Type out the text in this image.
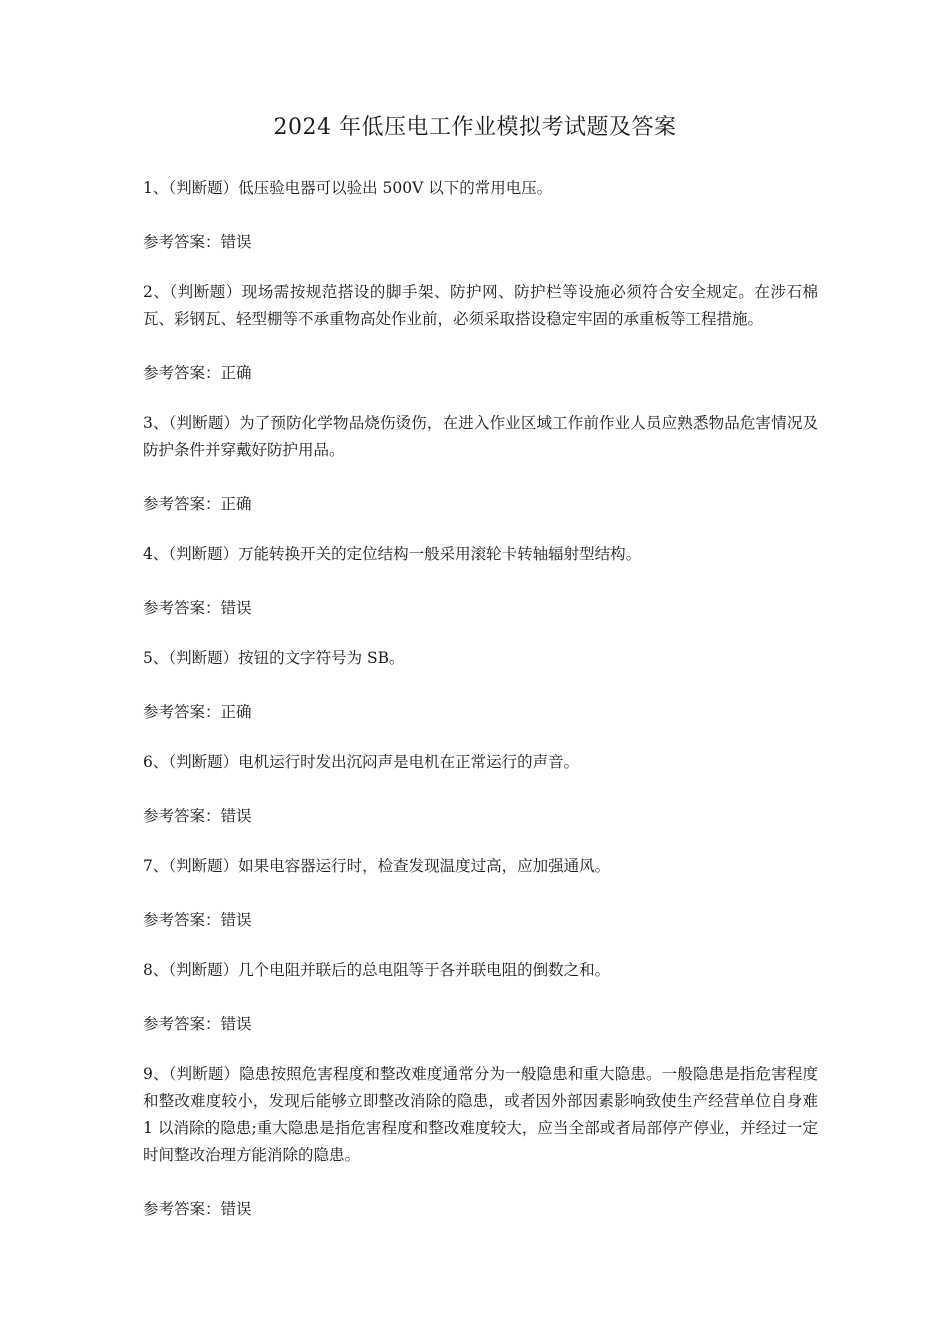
2024 年低压电工作业模拟考试题及答案

1、（判断题）低压验电器可以验出 500V 以下的常用电压。

参考答案：错误

2、（判断题）现场需按规范搭设的脚手架、防护网、防护栏等设施必须符合安全规定。在涉石棉瓦、彩钢瓦、轻型棚等不承重物高处作业前，必须采取搭设稳定牢固的承重板等工程措施。

参考答案：正确

3、（判断题）为了预防化学物品烧伤烫伤，在进入作业区域工作前作业人员应熟悉物品危害情况及防护条件并穿戴好防护用品。

参考答案：正确

4、（判断题）万能转换开关的定位结构一般采用滚轮卡转轴辐射型结构。

参考答案：错误

5、（判断题）按钮的文字符号为 SB。

参考答案：正确

6、（判断题）电机运行时发出沉闷声是电机在正常运行的声音。

参考答案：错误

7、（判断题）如果电容器运行时，检查发现温度过高，应加强通风。

参考答案：错误

8、（判断题）几个电阻并联后的总电阻等于各并联电阻的倒数之和。

参考答案：错误

9、（判断题）隐患按照危害程度和整改难度通常分为一般隐患和重大隐患。一般隐患是指危害程度和整改难度较小，发现后能够立即整改消除的隐患，或者因外部因素影响致使生产经营单位自身难 1 以消除的隐患;重大隐患是指危害程度和整改难度较大，应当全部或者局部停产停业，并经过一定时间整改治理方能消除的隐患。

参考答案：错误
